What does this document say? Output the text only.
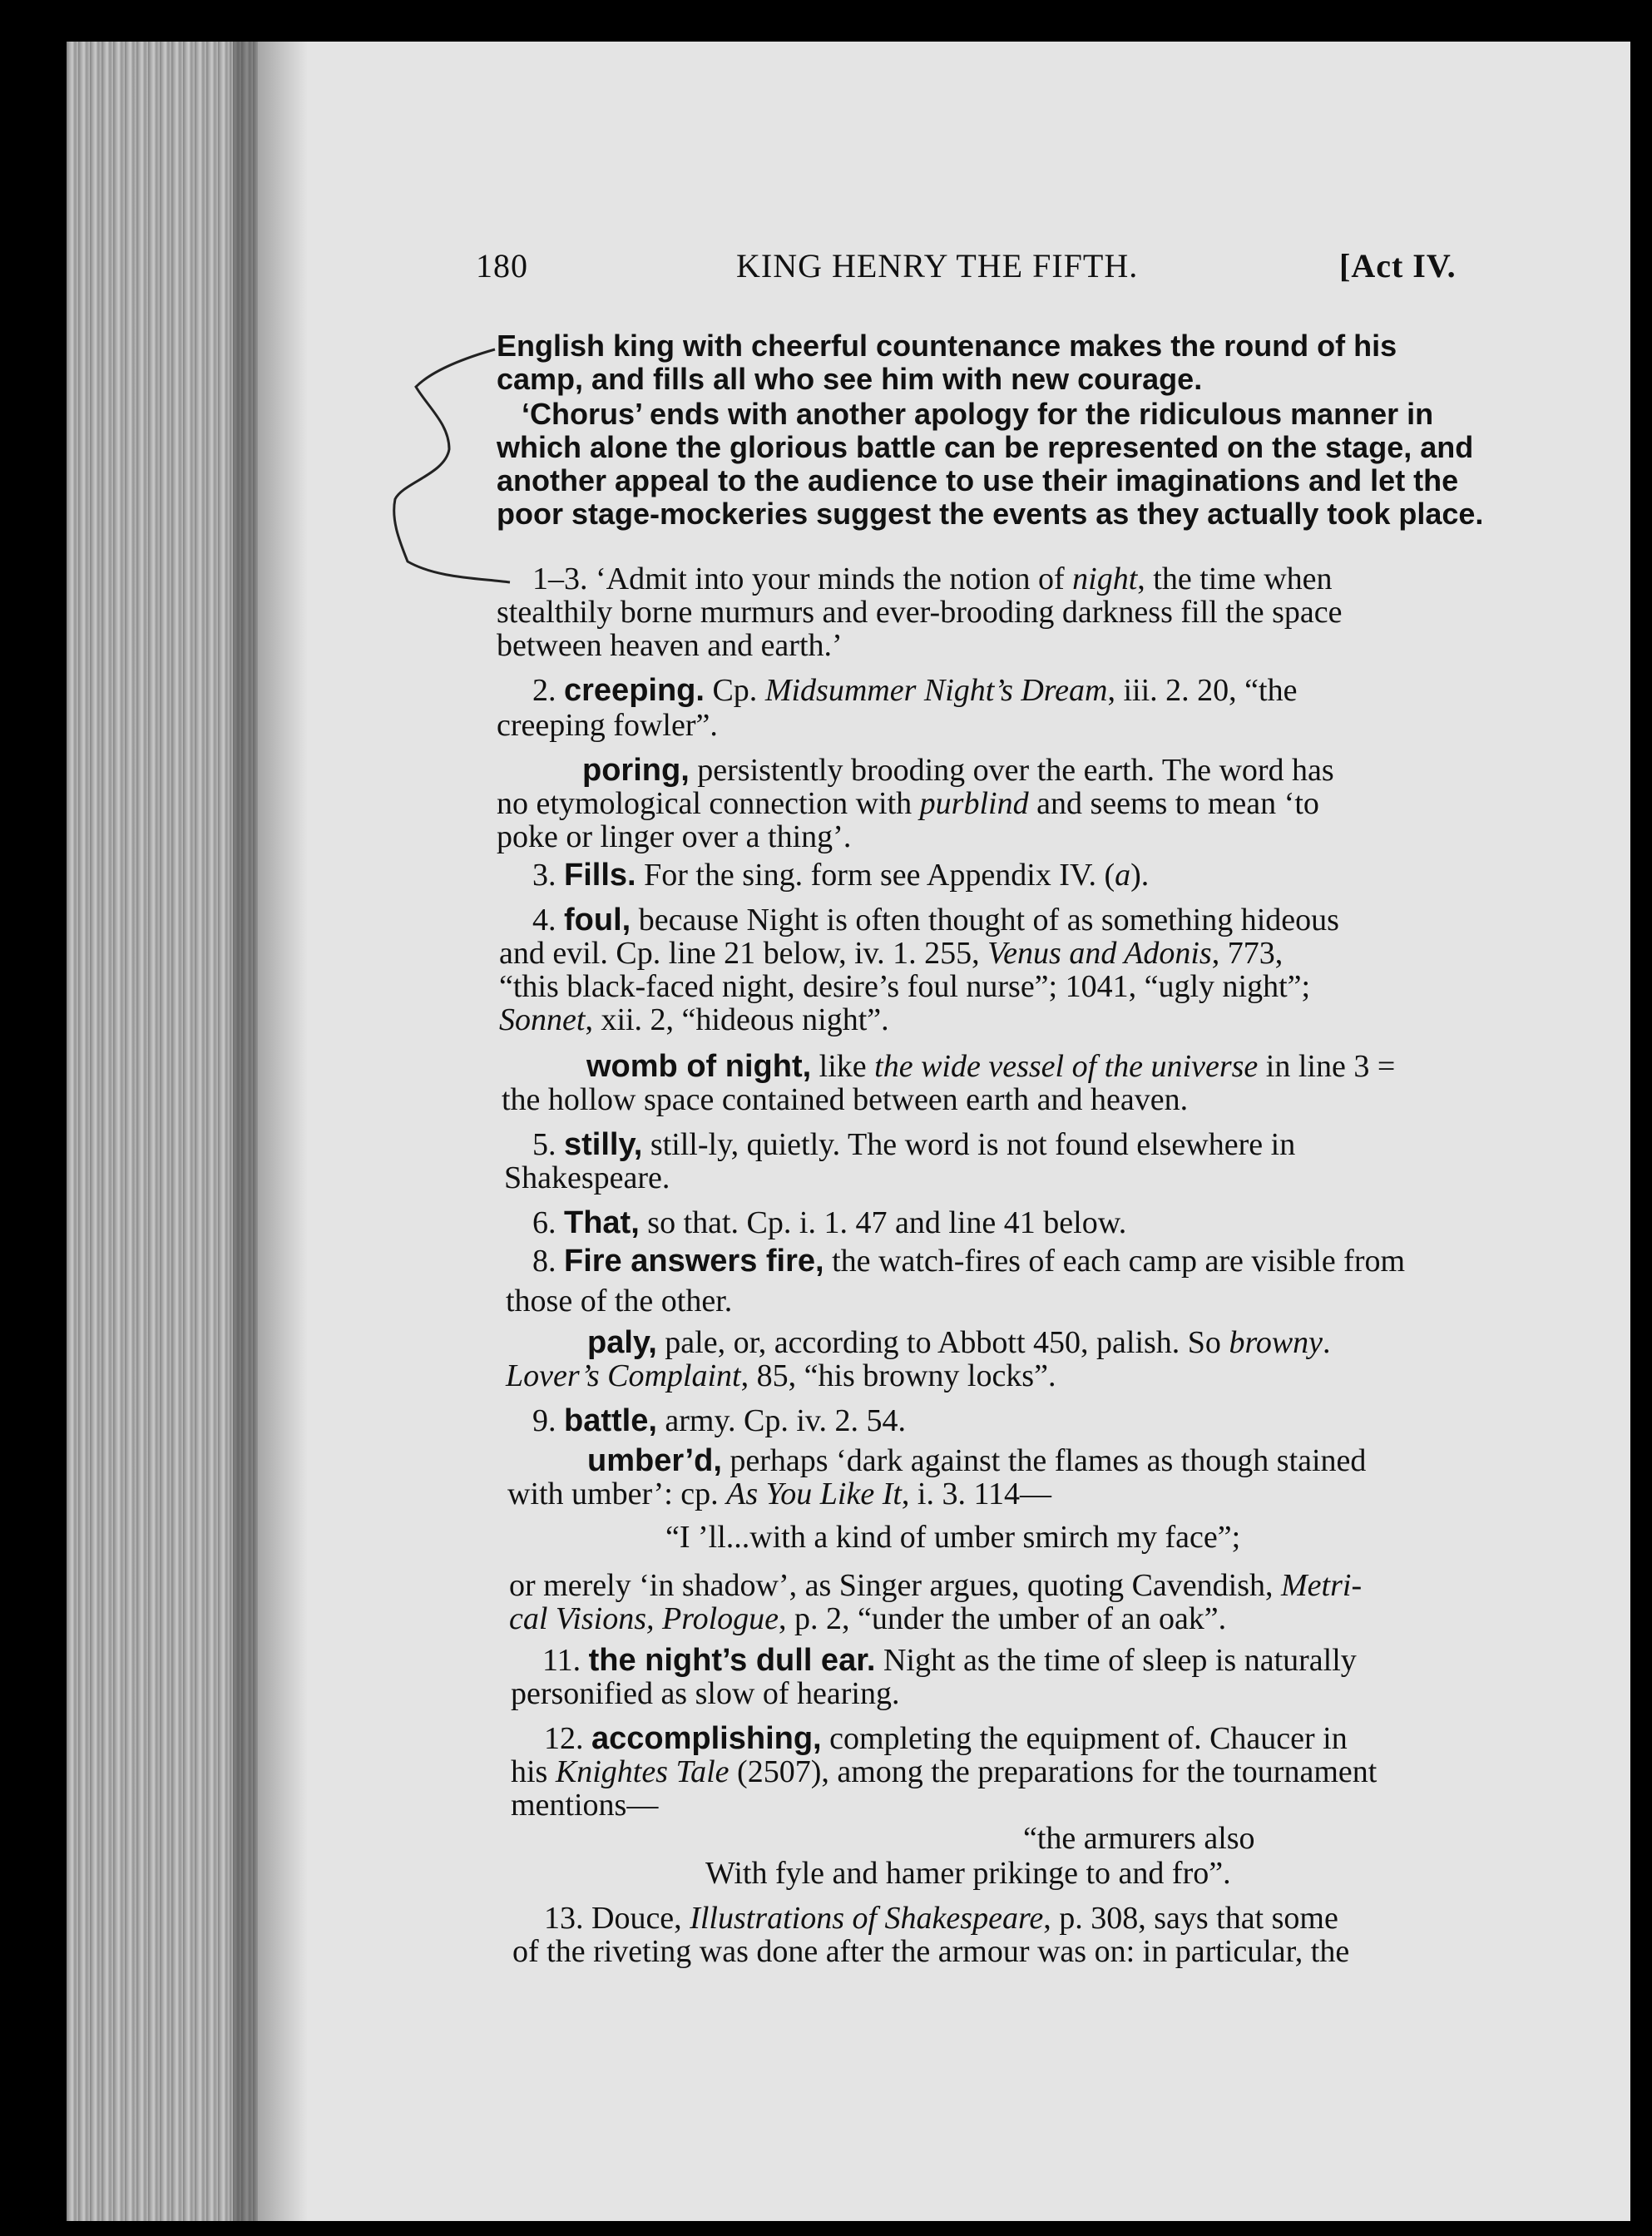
180	KING HENRY THE FIFTH.	[Act IV.
English king with cheerful countenance makes the round of his
camp, and fills all who see him with new courage.
‘Chorus’ ends with another apology for the ridiculous manner in
which alone the glorious battle can be represented on the stage, and
another appeal to the audience to use their imaginations and let the
poor stage-mockeries suggest the events as they actually took place.
1–3. ‘Admit into your minds the notion of night, the time when
stealthily borne murmurs and ever-brooding darkness fill the space
between heaven and earth.’
2. creeping. Cp. Midsummer Night’s Dream, iii. 2. 20, “the
creeping fowler”.
poring, persistently brooding over the earth. The word has
no etymological connection with purblind and seems to mean ‘to
poke or linger over a thing’.
3. Fills. For the sing. form see Appendix IV. (a).
4. foul, because Night is often thought of as something hideous
and evil. Cp. line 21 below, iv. 1. 255, Venus and Adonis, 773,
“this black-faced night, desire’s foul nurse”; 1041, “ugly night”;
Sonnet, xii. 2, “hideous night”.
womb of night, like the wide vessel of the universe in line 3 =
the hollow space contained between earth and heaven.
5. stilly, still-ly, quietly. The word is not found elsewhere in
Shakespeare.
6. That, so that. Cp. i. 1. 47 and line 41 below.
8. Fire answers fire, the watch-fires of each camp are visible from
those of the other.
paly, pale, or, according to Abbott 450, palish. So browny.
Lover’s Complaint, 85, “his browny locks”.
9. battle, army. Cp. iv. 2. 54.
umber’d, perhaps ‘dark against the flames as though stained
with umber’: cp. As You Like It, i. 3. 114—
“I ’ll...with a kind of umber smirch my face”;
or merely ‘in shadow’, as Singer argues, quoting Cavendish, Metri-
cal Visions, Prologue, p. 2, “under the umber of an oak”.
11. the night’s dull ear. Night as the time of sleep is naturally
personified as slow of hearing.
12. accomplishing, completing the equipment of. Chaucer in
his Knightes Tale (2507), among the preparations for the tournament
mentions—
“the armurers also
With fyle and hamer prikinge to and fro”.
13. Douce, Illustrations of Shakespeare, p. 308, says that some
of the riveting was done after the armour was on: in particular, the
